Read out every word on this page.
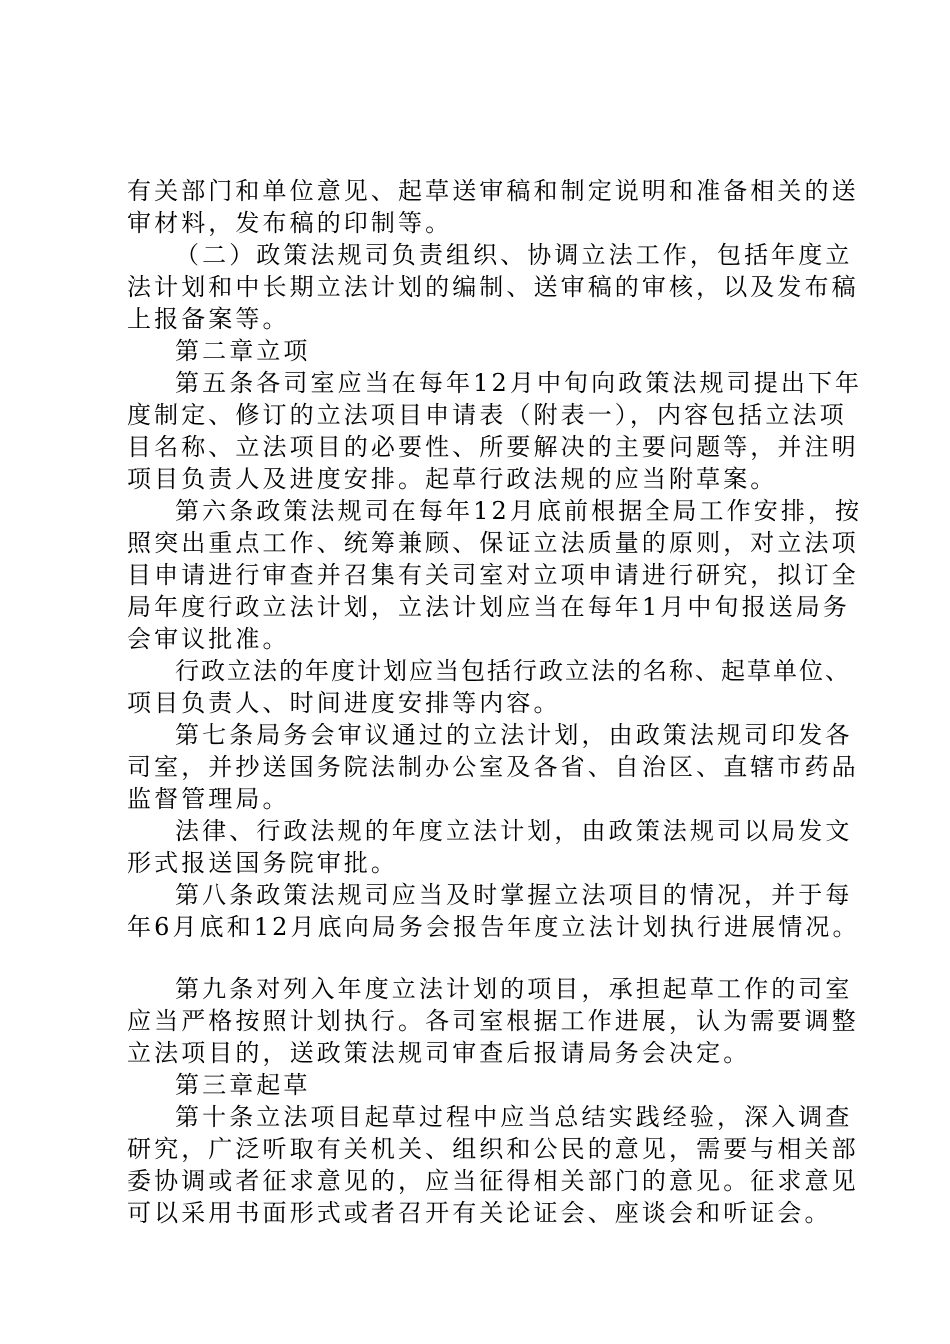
有关部门和单位意见、起草送审稿和制定说明和准备相关的送
审材料，发布稿的印制等。
（二）政策法规司负责组织、协调立法工作，包括年度立
法计划和中长期立法计划的编制、送审稿的审核，以及发布稿
上报备案等。
第二章立项
第五条各司室应当在每年12月中旬向政策法规司提出下年
度制定、修订的立法项目申请表（附表一），内容包括立法项
目名称、立法项目的必要性、所要解决的主要问题等，并注明
项目负责人及进度安排。起草行政法规的应当附草案。
第六条政策法规司在每年12月底前根据全局工作安排，按
照突出重点工作、统筹兼顾、保证立法质量的原则，对立法项
目申请进行审查并召集有关司室对立项申请进行研究，拟订全
局年度行政立法计划，立法计划应当在每年1月中旬报送局务
会审议批准。
行政立法的年度计划应当包括行政立法的名称、起草单位、
项目负责人、时间进度安排等内容。
第七条局务会审议通过的立法计划，由政策法规司印发各
司室，并抄送国务院法制办公室及各省、自治区、直辖市药品
监督管理局。
法律、行政法规的年度立法计划，由政策法规司以局发文
形式报送国务院审批。
第八条政策法规司应当及时掌握立法项目的情况，并于每
年6月底和12月底向局务会报告年度立法计划执行进展情况。
第九条对列入年度立法计划的项目，承担起草工作的司室
应当严格按照计划执行。各司室根据工作进展，认为需要调整
立法项目的，送政策法规司审查后报请局务会决定。
第三章起草
第十条立法项目起草过程中应当总结实践经验，深入调查
研究，广泛听取有关机关、组织和公民的意见，需要与相关部
委协调或者征求意见的，应当征得相关部门的意见。征求意见
可以采用书面形式或者召开有关论证会、座谈会和听证会。
